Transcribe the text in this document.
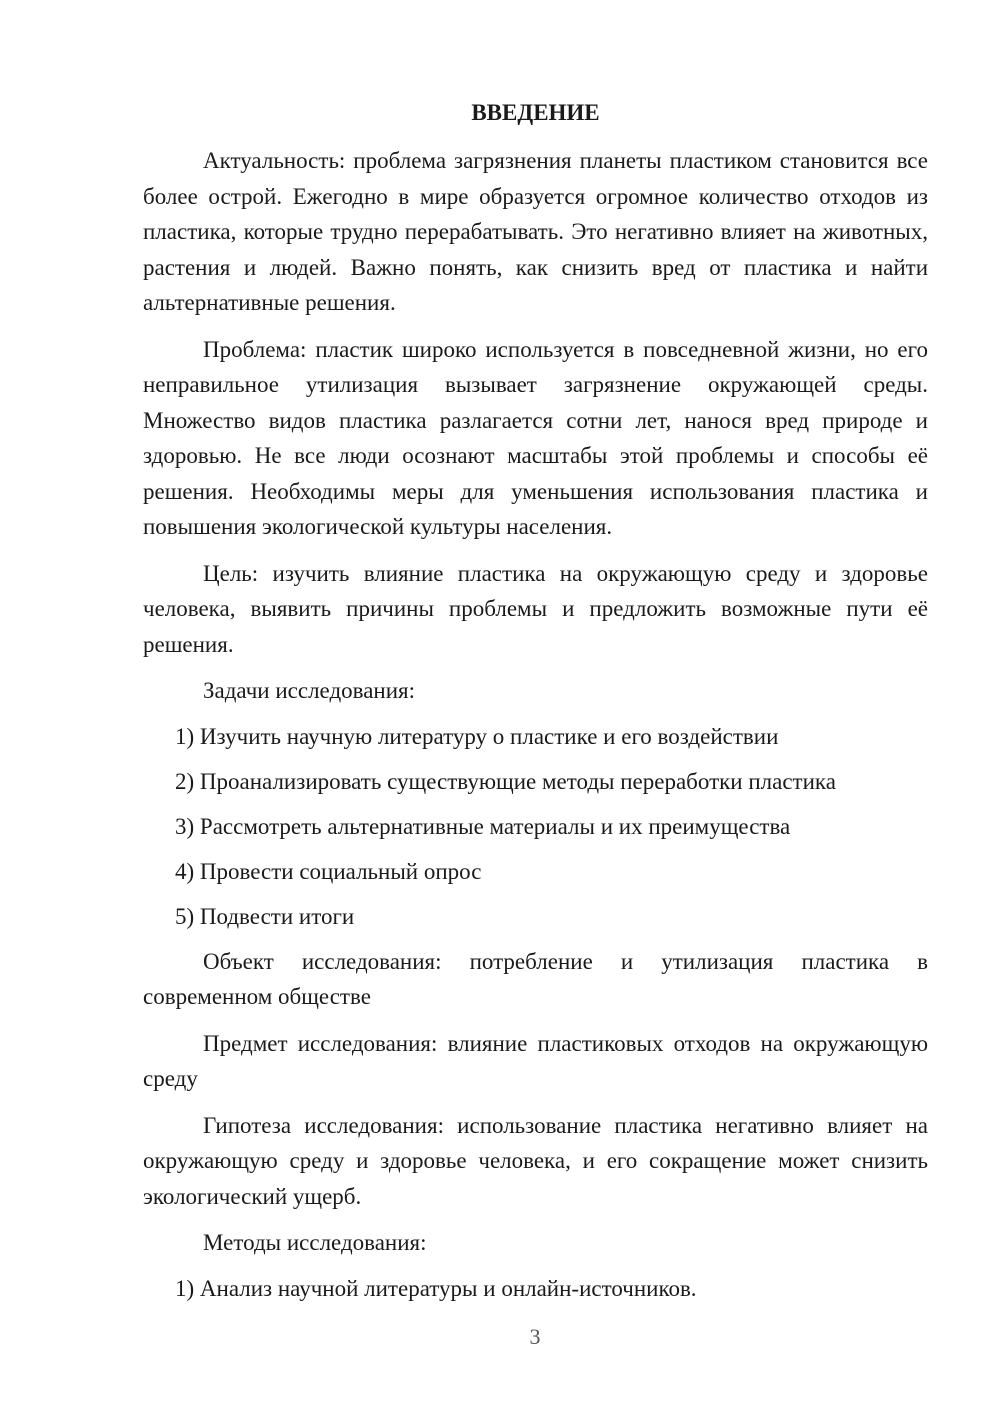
ВВЕДЕНИЕ

Актуальность: проблема загрязнения планеты пластиком становится все более острой. Ежегодно в мире образуется огромное количество отходов из пластика, которые трудно перерабатывать. Это негативно влияет на животных, растения и людей. Важно понять, как снизить вред от пластика и найти альтернативные решения.

Проблема: пластик широко используется в повседневной жизни, но его неправильное утилизация вызывает загрязнение окружающей среды. Множество видов пластика разлагается сотни лет, нанося вред природе и здоровью. Не все люди осознают масштабы этой проблемы и способы её решения. Необходимы меры для уменьшения использования пластика и повышения экологической культуры населения.

Цель: изучить влияние пластика на окружающую среду и здоровье человека, выявить причины проблемы и предложить возможные пути её решения.

Задачи исследования:
1) Изучить научную литературу о пластике и его воздействии
2) Проанализировать существующие методы переработки пластика
3) Рассмотреть альтернативные материалы и их преимущества
4) Провести социальный опрос
5) Подвести итоги

Объект исследования: потребление и утилизация пластика в современном обществе

Предмет исследования: влияние пластиковых отходов на окружающую среду

Гипотеза исследования: использование пластика негативно влияет на окружающую среду и здоровье человека, и его сокращение может снизить экологический ущерб.

Методы исследования:
1) Анализ научной литературы и онлайн-источников.
3
